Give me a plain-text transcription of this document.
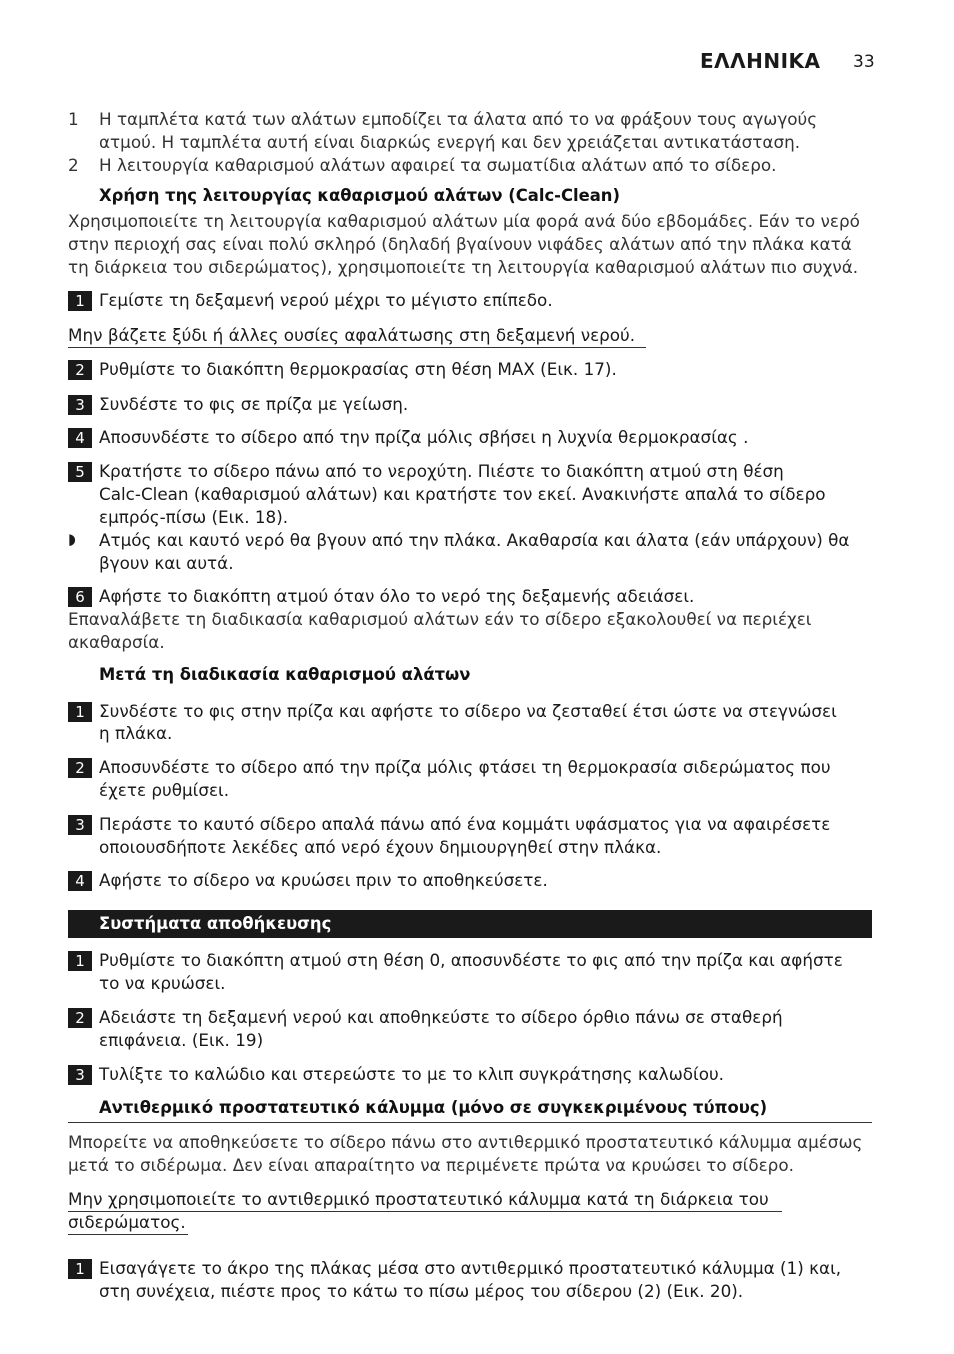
ΕΛΛΗΝΙΚΑ 33
1 Η ταμπλέτα κατά των αλάτων εμποδίζει τα άλατα από το να φράξουν τους αγωγούς
ατμού. Η ταμπλέτα αυτή είναι διαρκώς ενεργή και δεν χρειάζεται αντικατάσταση.
2 Η λειτουργία καθαρισμού αλάτων αφαιρεί τα σωματίδια αλάτων από το σίδερο.
Χρήση της λειτουργίας καθαρισμού αλάτων (Calc-Clean)
Χρησιμοποιείτε τη λειτουργία καθαρισμού αλάτων μία φορά ανά δύο εβδομάδες. Εάν το νερό
στην περιοχή σας είναι πολύ σκληρό (δηλαδή βγαίνουν νιφάδες αλάτων από την πλάκα κατά
τη διάρκεια του σιδερώματος), χρησιμοποιείτε τη λειτουργία καθαρισμού αλάτων πιο συχνά.
1 Γεμίστε τη δεξαμενή νερού μέχρι το μέγιστο επίπεδο.
Μην βάζετε ξύδι ή άλλες ουσίες αφαλάτωσης στη δεξαμενή νερού.
2 Ρυθμίστε το διακόπτη θερμοκρασίας στη θέση MAX (Εικ. 17).
3 Συνδέστε το φις σε πρίζα με γείωση.
4 Αποσυνδέστε το σίδερο από την πρίζα μόλις σβήσει η λυχνία θερμοκρασίας .
5 Κρατήστε το σίδερο πάνω από το νεροχύτη. Πιέστε το διακόπτη ατμού στη θέση
Calc-Clean (καθαρισμού αλάτων) και κρατήστε τον εκεί. Ανακινήστε απαλά το σίδερο
εμπρός-πίσω (Εικ. 18).
◗ Ατμός και καυτό νερό θα βγουν από την πλάκα. Ακαθαρσία και άλατα (εάν υπάρχουν) θα
βγουν και αυτά.
6 Αφήστε το διακόπτη ατμού όταν όλο το νερό της δεξαμενής αδειάσει.
Επαναλάβετε τη διαδικασία καθαρισμού αλάτων εάν το σίδερο εξακολουθεί να περιέχει
ακαθαρσία.
Μετά τη διαδικασία καθαρισμού αλάτων
1 Συνδέστε το φις στην πρίζα και αφήστε το σίδερο να ζεσταθεί έτσι ώστε να στεγνώσει
η πλάκα.
2 Αποσυνδέστε το σίδερο από την πρίζα μόλις φτάσει τη θερμοκρασία σιδερώματος που
έχετε ρυθμίσει.
3 Περάστε το καυτό σίδερο απαλά πάνω από ένα κομμάτι υφάσματος για να αφαιρέσετε
οποιουσδήποτε λεκέδες από νερό έχουν δημιουργηθεί στην πλάκα.
4 Αφήστε το σίδερο να κρυώσει πριν το αποθηκεύσετε.
Συστήματα αποθήκευσης
1 Ρυθμίστε το διακόπτη ατμού στη θέση 0, αποσυνδέστε το φις από την πρίζα και αφήστε
το να κρυώσει.
2 Αδειάστε τη δεξαμενή νερού και αποθηκεύστε το σίδερο όρθιο πάνω σε σταθερή
επιφάνεια. (Εικ. 19)
3 Τυλίξτε το καλώδιο και στερεώστε το με το κλιπ συγκράτησης καλωδίου.
Αντιθερμικό προστατευτικό κάλυμμα (μόνο σε συγκεκριμένους τύπους)
Μπορείτε να αποθηκεύσετε το σίδερο πάνω στο αντιθερμικό προστατευτικό κάλυμμα αμέσως
μετά το σιδέρωμα. Δεν είναι απαραίτητο να περιμένετε πρώτα να κρυώσει το σίδερο.
Μην χρησιμοποιείτε το αντιθερμικό προστατευτικό κάλυμμα κατά τη διάρκεια του
σιδερώματος.
1 Εισαγάγετε το άκρο της πλάκας μέσα στο αντιθερμικό προστατευτικό κάλυμμα (1) και,
στη συνέχεια, πιέστε προς το κάτω το πίσω μέρος του σίδερου (2) (Εικ. 20).
